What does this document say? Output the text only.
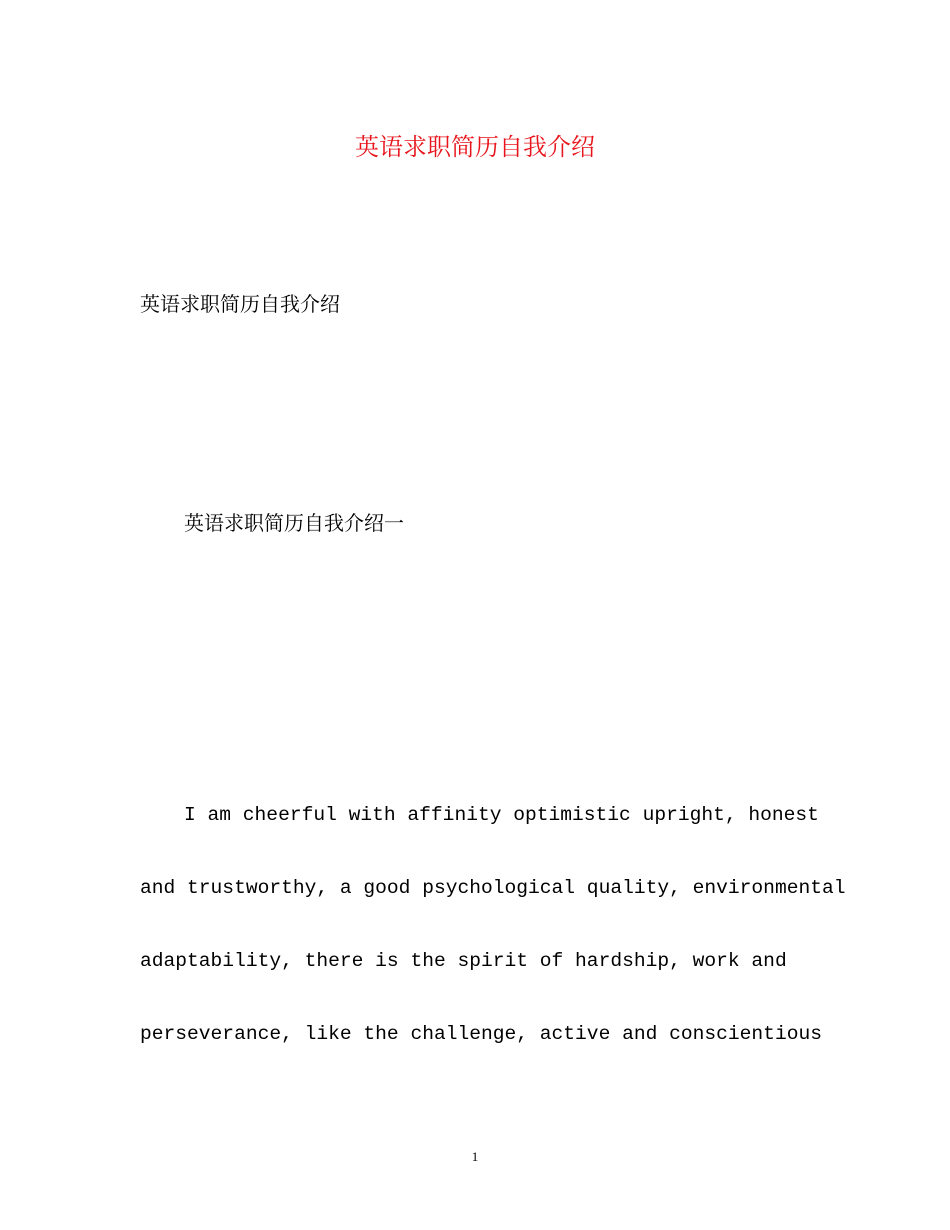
英语求职简历自我介绍
英语求职简历自我介绍
英语求职简历自我介绍一
I am cheerful with affinity optimistic upright, honest
and trustworthy, a good psychological quality, environmental
adaptability, there is the spirit of hardship, work and
perseverance, like the challenge, active and conscientious
1
